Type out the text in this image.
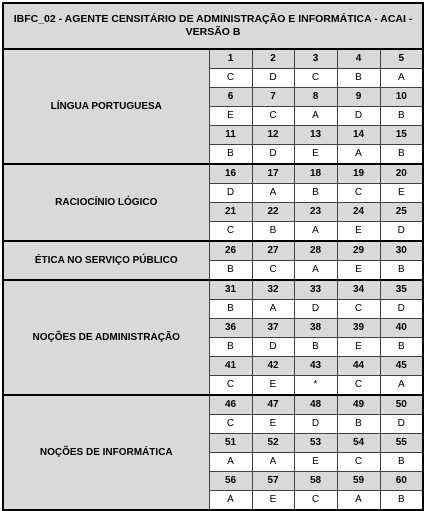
IBFC_02 - AGENTE CENSITÁRIO DE ADMINISTRAÇÃO E INFORMÁTICA - ACAI - VERSÃO B					
LÍNGUA PORTUGUESA	1	2	3	4	5
	C	D	C	B	A
	6	7	8	9	10
	E	C	A	D	B
	11	12	13	14	15
	B	D	E	A	B
RACIOCÍNIO LÓGICO	16	17	18	19	20
	D	A	B	C	E
	21	22	23	24	25
	C	B	A	E	D
ÉTICA NO SERVIÇO PÚBLICO	26	27	28	29	30
	B	C	A	E	B
NOÇÕES DE ADMINISTRAÇÃO	31	32	33	34	35
	B	A	D	C	D
	36	37	38	39	40
	B	D	B	E	B
	41	42	43	44	45
	C	E	*	C	A
NOÇÕES DE INFORMÁTICA	46	47	48	49	50
	C	E	D	B	D
	51	52	53	54	55
	A	A	E	C	B
	56	57	58	59	60
	A	E	C	A	B
